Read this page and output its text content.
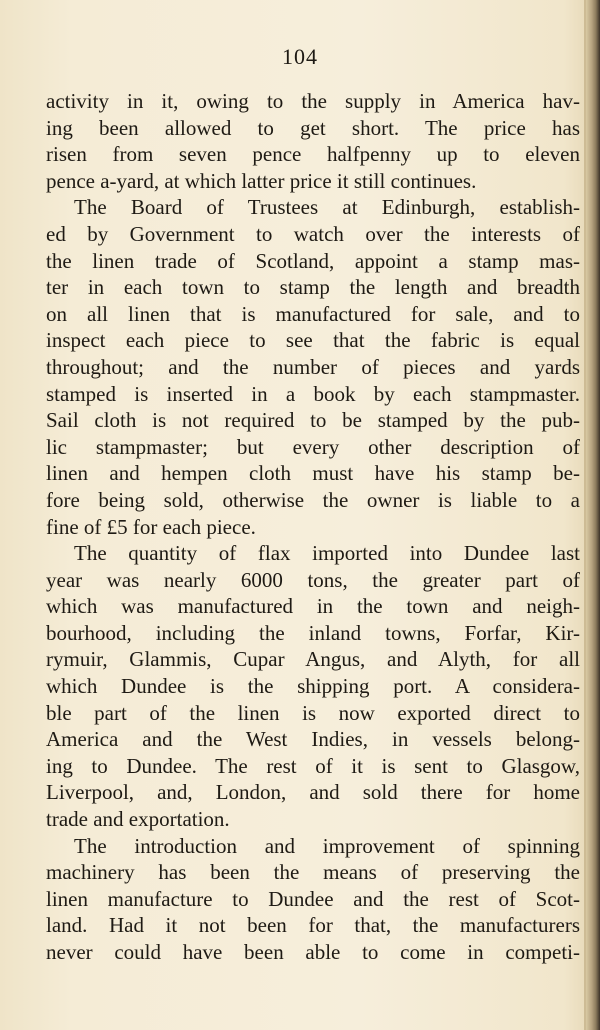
104
activity in it, owing to the supply in America hav-
ing been allowed to get short. The price has
risen from seven pence halfpenny up to eleven
pence a-yard, at which latter price it still continues.
The Board of Trustees at Edinburgh, establish-
ed by Government to watch over the interests of
the linen trade of Scotland, appoint a stamp mas-
ter in each town to stamp the length and breadth
on all linen that is manufactured for sale, and to
inspect each piece to see that the fabric is equal
throughout; and the number of pieces and yards
stamped is inserted in a book by each stampmaster.
Sail cloth is not required to be stamped by the pub-
lic stampmaster; but every other description of
linen and hempen cloth must have his stamp be-
fore being sold, otherwise the owner is liable to a
fine of £5 for each piece.
The quantity of flax imported into Dundee last
year was nearly 6000 tons, the greater part of
which was manufactured in the town and neigh-
bourhood, including the inland towns, Forfar, Kir-
rymuir, Glammis, Cupar Angus, and Alyth, for all
which Dundee is the shipping port. A considera-
ble part of the linen is now exported direct to
America and the West Indies, in vessels belong-
ing to Dundee. The rest of it is sent to Glasgow,
Liverpool, and, London, and sold there for home
trade and exportation.
The introduction and improvement of spinning
machinery has been the means of preserving the
linen manufacture to Dundee and the rest of Scot-
land. Had it not been for that, the manufacturers
never could have been able to come in competi-
